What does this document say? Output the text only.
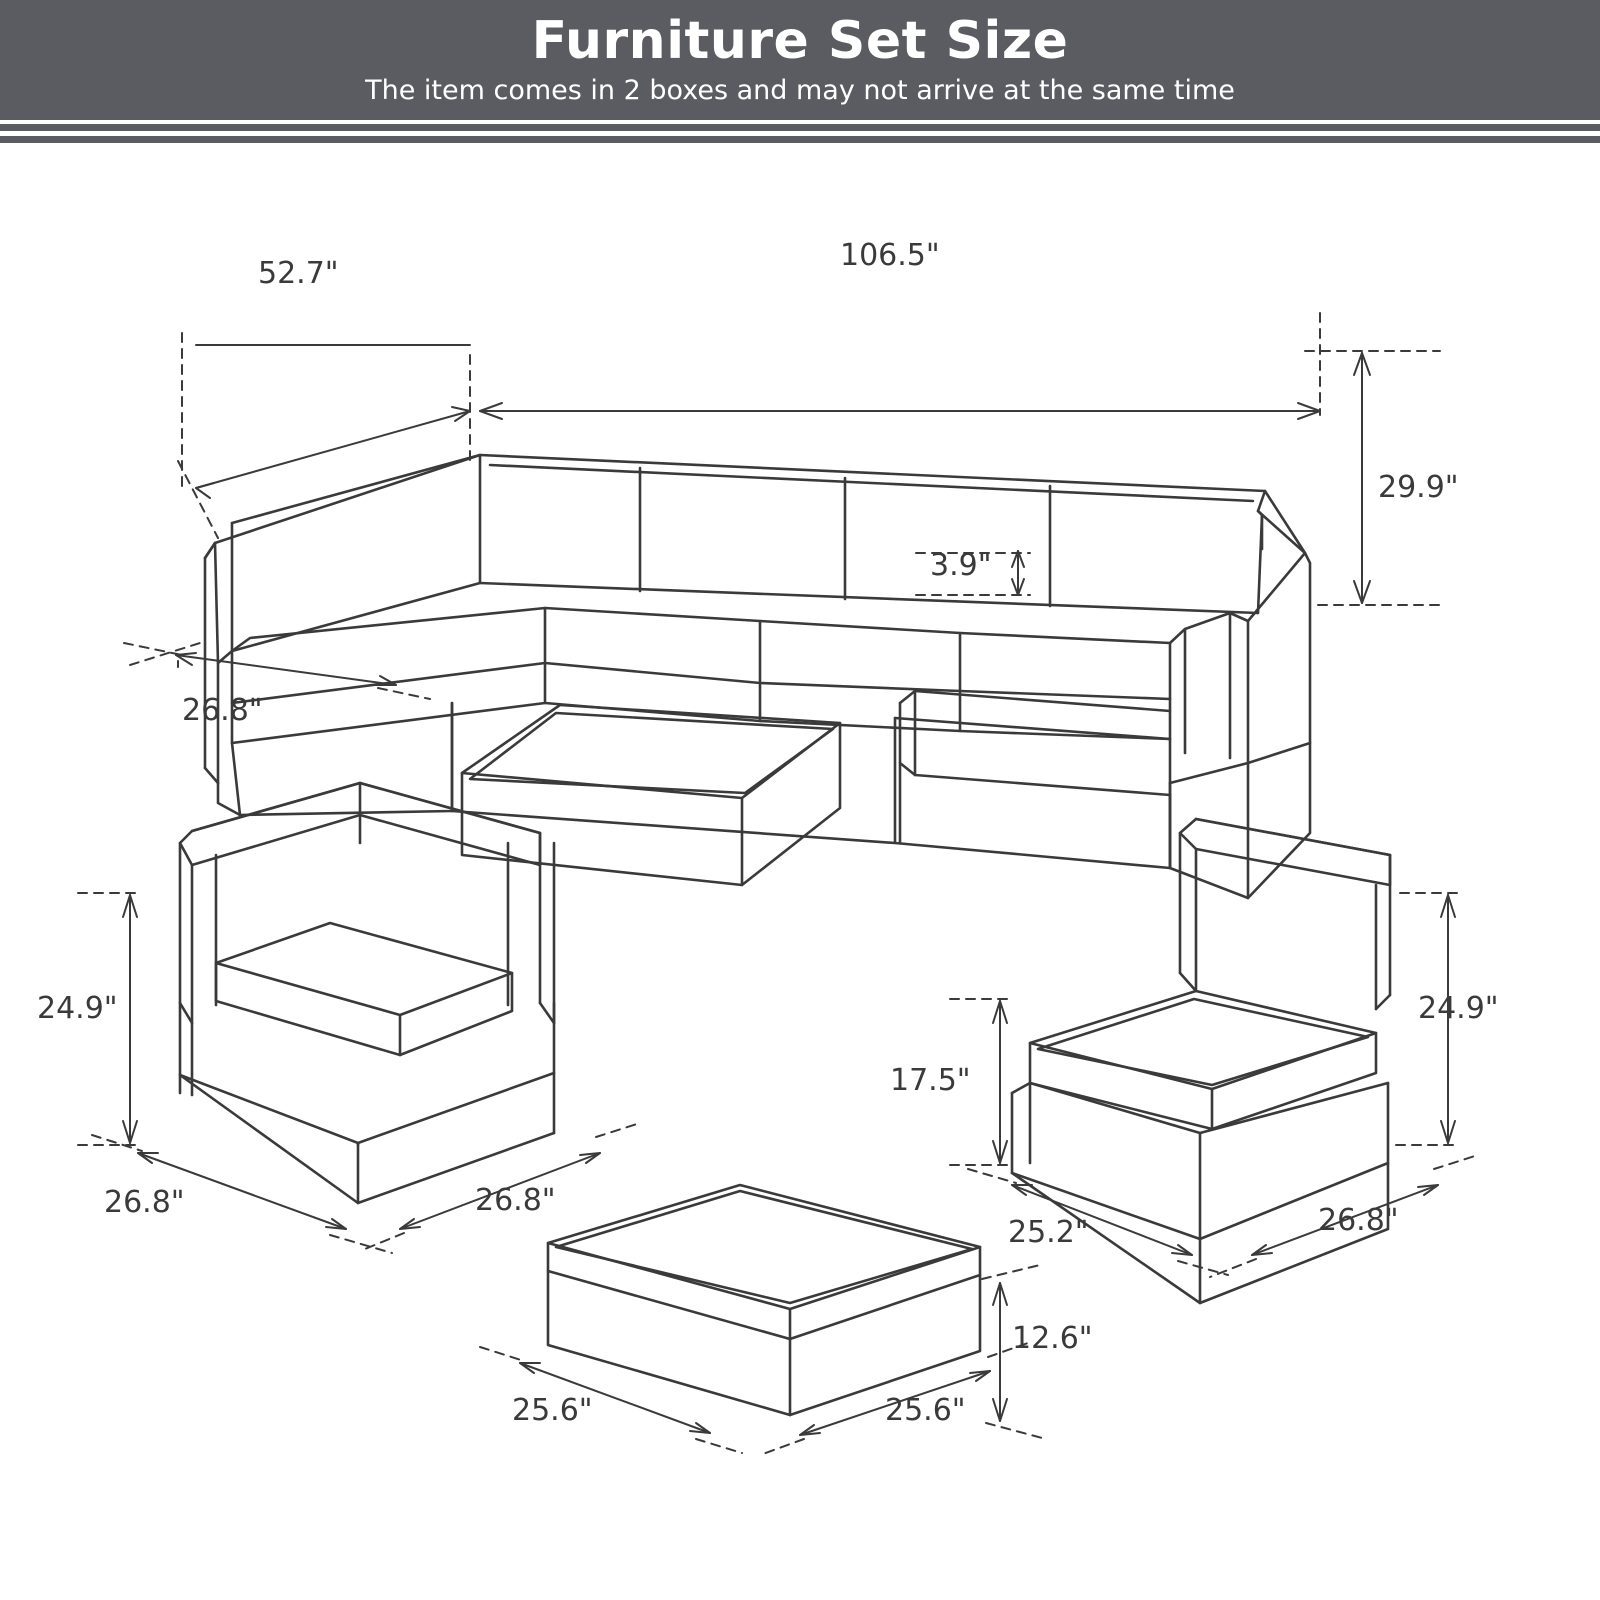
Furniture Set Size
The item comes in 2 boxes and may not arrive at the same time
52.7"
106.5"
29.9"
3.9"
26.8"
24.9"
26.8"	26.8"
17.5"
24.9"
25.2"	26.8"
12.6"
25.6"	25.6"
